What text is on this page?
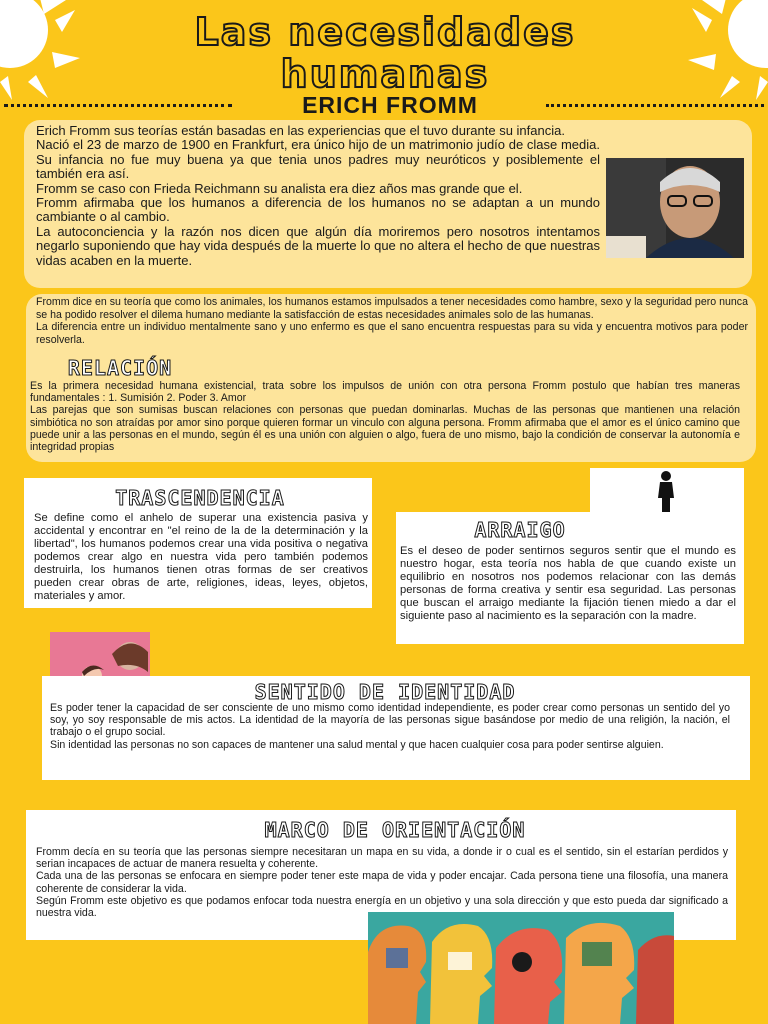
Las necesidades
humanas
ERICH FROMM

Erich Fromm sus teorías están basadas en las experiencias que el tuvo durante su infancia.

Nació el 23 de marzo de 1900 en Frankfurt, era único hijo de un matrimonio judío de clase media. Su infancia no fue muy buena ya que tenia unos padres muy neuróticos y posiblemente el también era así.

Fromm se caso con Frieda Reichmann su analista era diez años mas grande que el.

Fromm afirmaba que los humanos a diferencia de los humanos no se adaptan a un mundo cambiante o al cambio.

La autoconciencia y la razón nos dicen que algún día moriremos pero nosotros intentamos negarlo suponiendo que hay vida después de la muerte lo que no altera el hecho de que nuestras vidas acaben en la muerte.

Fromm dice en su teoría que como los animales, los humanos estamos impulsados a tener necesidades como hambre, sexo y la seguridad pero nunca se ha podido resolver el dilema humano mediante la satisfacción de estas necesidades animales solo de las humanas.

La diferencia entre un individuo mentalmente sano y uno enfermo es que el sano encuentra respuestas para su vida y encuentra motivos para poder resolverla.

RELACIÓN

Es la primera necesidad humana existencial, trata sobre los impulsos de unión con otra persona Fromm postulo que habían tres maneras fundamentales : 1. Sumisión 2. Poder 3. Amor

Las parejas que son sumisas buscan relaciones con personas que puedan dominarlas. Muchas de las personas que mantienen una relación simbiótica no son atraídas por amor sino porque quieren formar un vinculo con alguna persona. Fromm afirmaba que el amor es el único camino que puede unir a las personas en el mundo, según él es una unión con alguien o algo, fuera de uno mismo, bajo la condición de conservar la autonomía e integridad propias

TRASCENDENCIA
Se define como el anhelo de superar una existencia pasiva y accidental y encontrar en "el reino de la de la determinación y la libertad", los humanos podemos crear una vida positiva o negativa podemos crear algo en nuestra vida pero también podemos destruirla, los humanos tienen otras formas de ser creativos pueden crear obras de arte, religiones, ideas, leyes, objetos, materiales y amor.
ARRAIGO
Es el deseo de poder sentirnos seguros sentir que el mundo es nuestro hogar, esta teoría nos habla de que cuando existe un equilibrio en nosotros nos podemos relacionar con las demás personas de forma creativa y sentir esa seguridad. Las personas que buscan el arraigo mediante la fijación tienen miedo a dar el siguiente paso al nacimiento es la separación con la madre.
SENTIDO DE IDENTIDAD

Es poder tener la capacidad de ser consciente de uno mismo como identidad independiente, es poder crear como personas un sentido del yo soy, yo soy responsable de mis actos. La identidad de la mayoría de las personas sigue basándose por medio de una religión, la nación, el trabajo o el grupo social.

Sin identidad las personas no son capaces de mantener una salud mental y que hacen cualquier cosa para poder sentirse alguien.

MARCO DE ORIENTACIÓN

Fromm decía en su teoría que las personas siempre necesitaran un mapa en su vida, a donde ir o cual es el sentido, sin el estarían perdidos y serian incapaces de actuar de manera resuelta y coherente.

Cada una de las personas se enfocara en siempre poder tener este mapa de vida y poder encajar. Cada persona tiene una filosofía, una manera coherente de considerar la vida.

Según Fromm este objetivo es que podamos enfocar toda nuestra energía en un objetivo y una sola dirección y que esto pueda dar significado a nuestra vida.
